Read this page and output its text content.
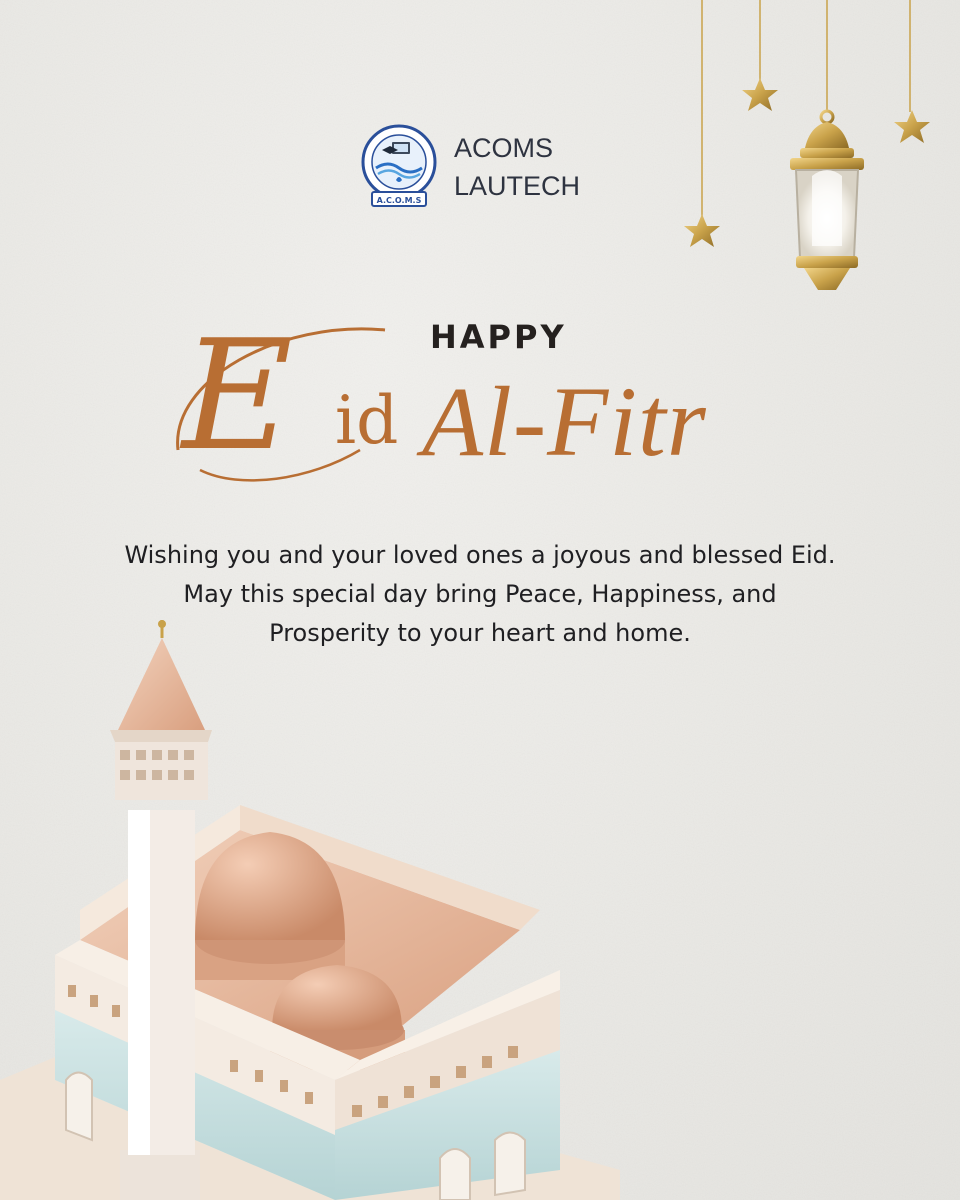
A.C.O.M.S
ACOMS
LAUTECH
HAPPY
E id Al-Fitr
Wishing you and your loved ones a joyous and blessed Eid.
May this special day bring Peace, Happiness, and
Prosperity to your heart and home.
